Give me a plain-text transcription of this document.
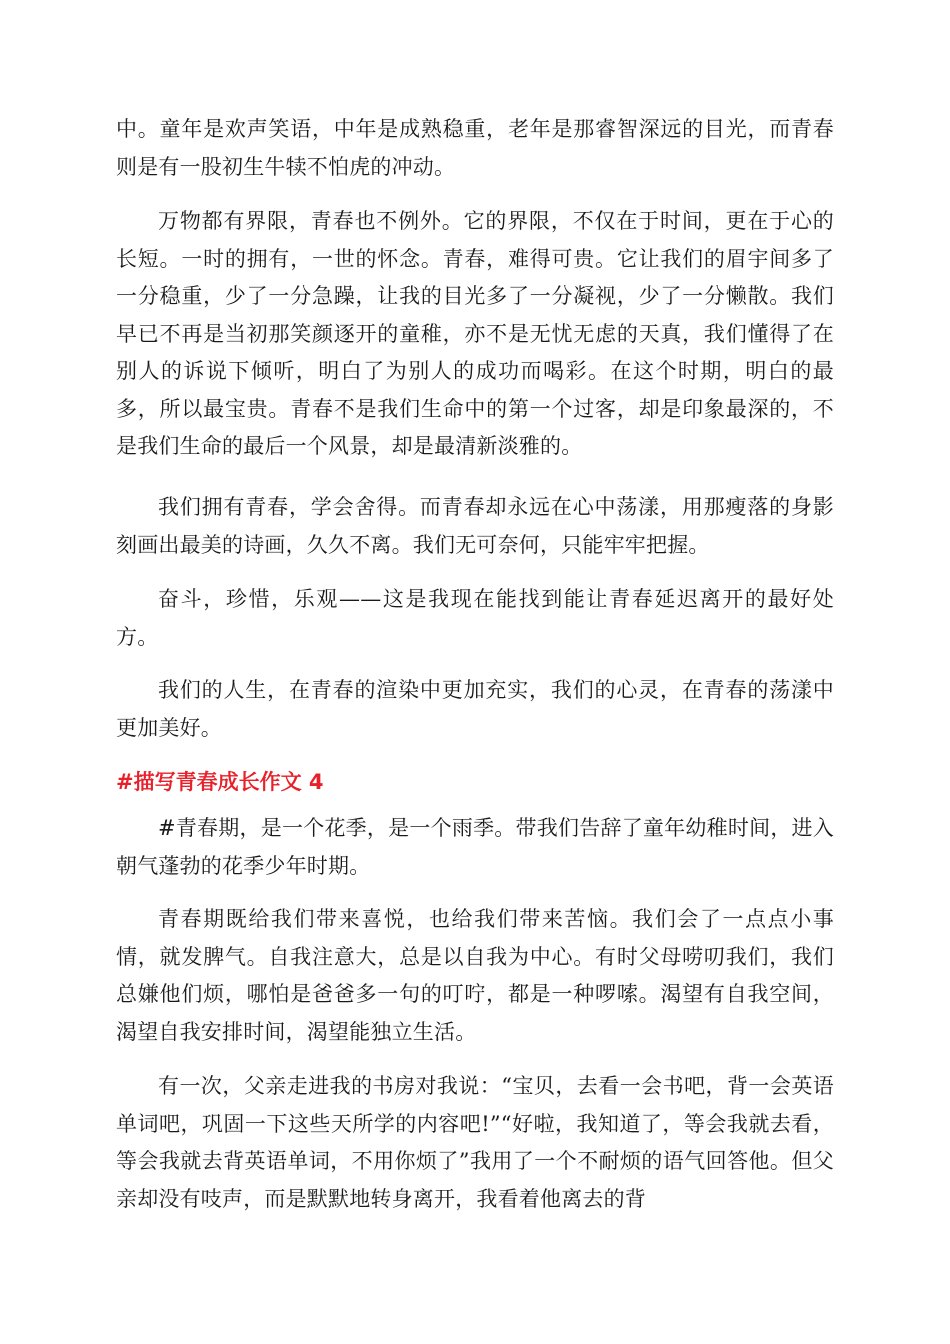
中。童年是欢声笑语，中年是成熟稳重，老年是那睿智深远的目光，而青春则是有一股初生牛犊不怕虎的冲动。

万物都有界限，青春也不例外。它的界限，不仅在于时间，更在于心的长短。一时的拥有，一世的怀念。青春，难得可贵。它让我们的眉宇间多了一分稳重，少了一分急躁，让我的目光多了一分凝视，少了一分懒散。我们早已不再是当初那笑颜逐开的童稚，亦不是无忧无虑的天真，我们懂得了在别人的诉说下倾听，明白了为别人的成功而喝彩。在这个时期，明白的最多，所以最宝贵。青春不是我们生命中的第一个过客，却是印象最深的，不是我们生命的最后一个风景，却是最清新淡雅的。

我们拥有青春，学会舍得。而青春却永远在心中荡漾，用那瘦落的身影刻画出最美的诗画，久久不离。我们无可奈何，只能牢牢把握。

奋斗，珍惜，乐观——这是我现在能找到能让青春延迟离开的最好处方。

我们的人生，在青春的渲染中更加充实，我们的心灵，在青春的荡漾中更加美好。

#描写青春成长作文 4

#青春期，是一个花季，是一个雨季。带我们告辞了童年幼稚时间，进入朝气蓬勃的花季少年时期。

青春期既给我们带来喜悦，也给我们带来苦恼。我们会了一点点小事情，就发脾气。自我注意大，总是以自我为中心。有时父母唠叨我们，我们总嫌他们烦，哪怕是爸爸多一句的叮咛，都是一种啰嗦。渴望有自我空间，渴望自我安排时间，渴望能独立生活。

有一次，父亲走进我的书房对我说：“宝贝，去看一会书吧，背一会英语单词吧，巩固一下这些天所学的内容吧!”“好啦，我知道了，等会我就去看，等会我就去背英语单词，不用你烦了”我用了一个不耐烦的语气回答他。但父亲却没有吱声，而是默默地转身离开，我看着他离去的背
